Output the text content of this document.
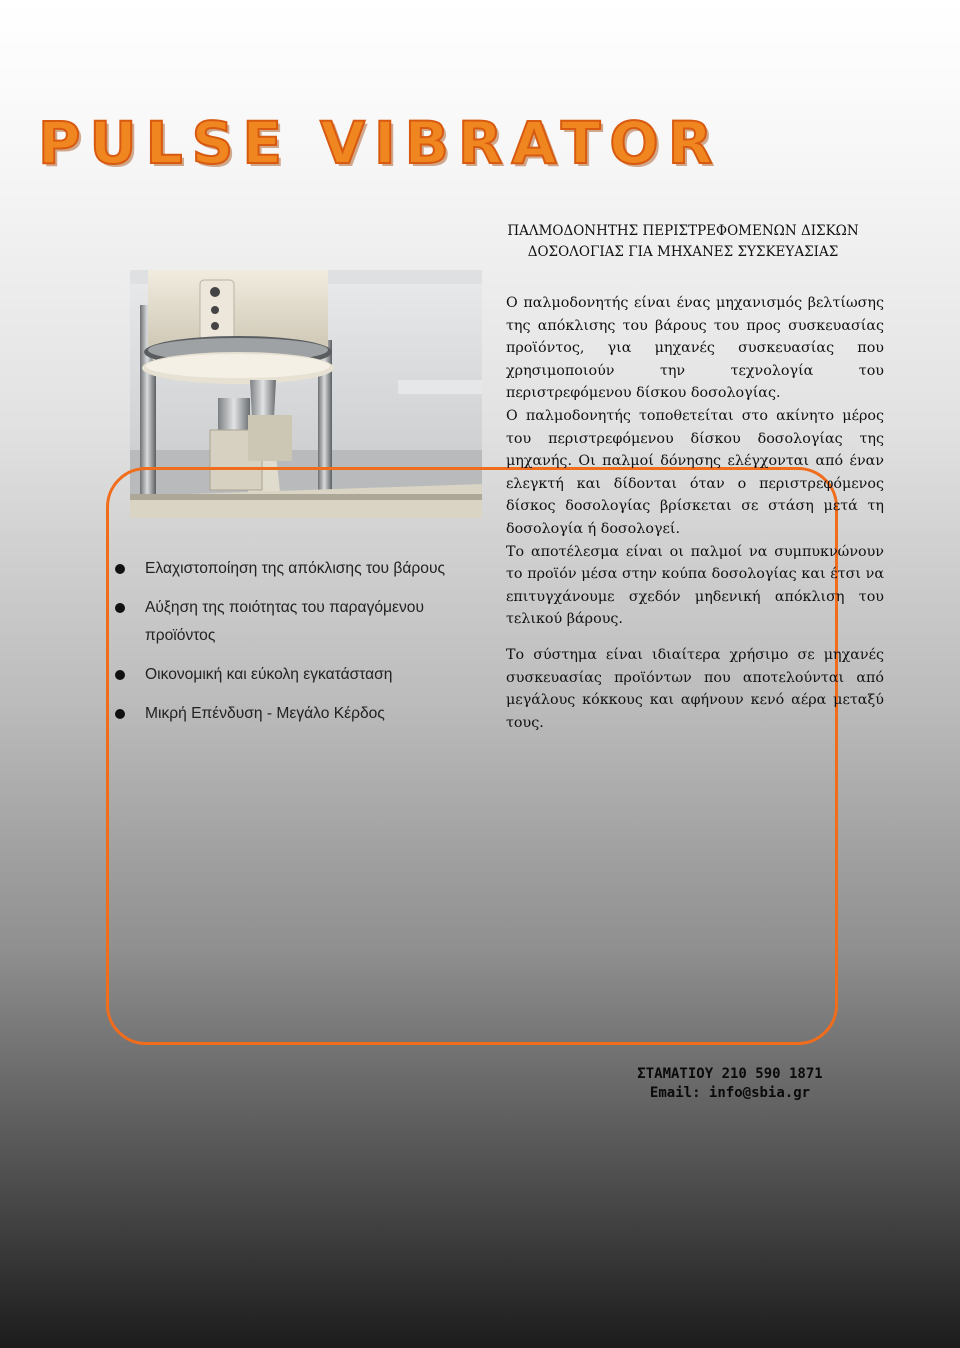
PULSE VIBRATOR
ΠΑΛΜΟΔΟΝΗΤΗΣ ΠΕΡΙΣΤΡΕΦΟΜΕΝΩΝ ΔΙΣΚΩΝ
ΔΟΣΟΛΟΓΙΑΣ ΓΙΑ ΜΗΧΑΝΕΣ ΣΥΣΚΕΥΑΣΙΑΣ

Ο παλμοδονητής είναι ένας μηχανισμός βελτίωσης της απόκλισης του βάρους του προς συσκευασίας προϊόντος, για μηχανές συσκευασίας που χρησιμοποιούν την τεχνολογία του περιστρεφόμενου δίσκου δοσολογίας.

Ο παλμοδονητής τοποθετείται στο ακίνητο μέρος του περιστρεφόμενου δίσκου δοσολογίας της μηχανής. Οι παλμοί δόνησης ελέγχονται από έναν ελεγκτή και δίδονται όταν ο περιστρεφόμενος δίσκος δοσολογίας βρίσκεται σε στάση μετά τη δοσολογία ή δοσολογεί.

Το αποτέλεσμα είναι οι παλμοί να συμπυκνώνουν το προϊόν μέσα στην κούπα δοσολογίας και έτσι να επιτυγχάνουμε σχεδόν μηδενική απόκλιση του τελικού βάρους.

Το σύστημα είναι ιδιαίτερα χρήσιμο σε μηχανές συσκευασίας προϊόντων που αποτελούνται από μεγάλους κόκκους και αφήνουν κενό αέρα μεταξύ τους.

Ελαχιστοποίηση της απόκλισης του βάρους
Αύξηση της ποιότητας του παραγόμενου προϊόντος
Οικονομική και εύκολη εγκατάσταση
Μικρή Επένδυση - Μεγάλο Κέρδος
ΣΤΑΜΑΤΙΟΥ 210 590 1871
Email: info@sbia.gr
